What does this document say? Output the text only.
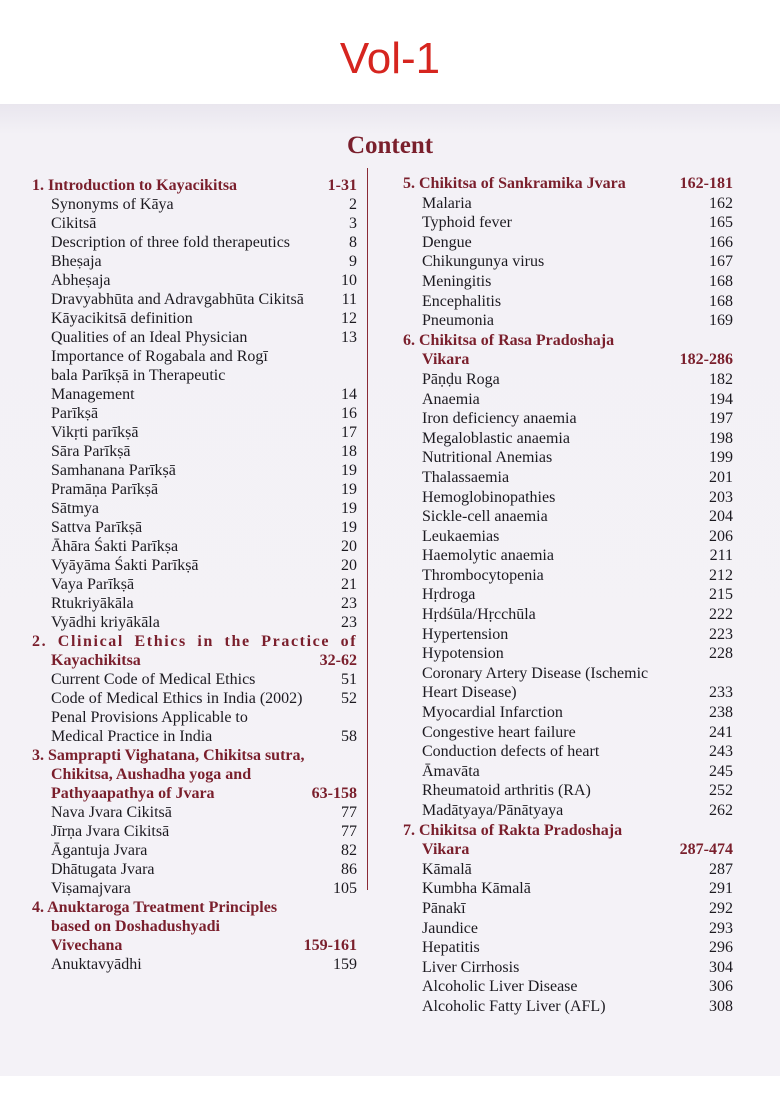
Vol-1
Content
1. Introduction to Kayacikitsa	1-31
Synonyms of Kāya	2
Cikitsā	3
Description of three fold therapeutics	8
Bheṣaja	9
Abheṣaja	10
Dravyabhūta and Adravgabhūta Cikitsā 11
Kāyacikitsā definition	12
Qualities of an Ideal Physician	13
Importance of Rogabala and Rogī
bala Parīkṣā in Therapeutic
Management	14
Parīkṣā	16
Vikṛti parīkṣā	17
Sāra Parīkṣā	18
Samhanana Parīkṣā	19
Pramāṇa Parīkṣā	19
Sātmya	19
Sattva Parīkṣā	19
Āhāra Śakti Parīkṣa	20
Vyāyāma Śakti Parīkṣā	20
Vaya Parīkṣā	21
Rtukriyākāla	23
Vyādhi kriyākāla	23
2. Clinical Ethics in the Practice of
Kayachikitsa	32-62
Current Code of Medical Ethics	51
Code of Medical Ethics in India (2002) 52
Penal Provisions Applicable to
Medical Practice in India	58
3. Samprapti Vighatana, Chikitsa sutra,
Chikitsa, Aushadha yoga and
Pathyaapathya of Jvara	63-158
Nava Jvara Cikitsā	77
Jīrṇa Jvara Cikitsā	77
Āgantuja Jvara	82
Dhātugata Jvara	86
Viṣamajvara	105
4. Anuktaroga Treatment Principles
based on Doshadushyadi
Vivechana	159-161
Anuktavyādhi	159
5. Chikitsa of Sankramika Jvara	162-181
Malaria	162
Typhoid fever	165
Dengue	166
Chikungunya virus	167
Meningitis	168
Encephalitis	168
Pneumonia	169
6. Chikitsa of Rasa Pradoshaja
Vikara	182-286
Pāṇḍu Roga	182
Anaemia	194
Iron deficiency anaemia	197
Megaloblastic anaemia	198
Nutritional Anemias	199
Thalassaemia	201
Hemoglobinopathies	203
Sickle-cell anaemia	204
Leukaemias	206
Haemolytic anaemia	211
Thrombocytopenia	212
Hṛdroga	215
Hṛdśūla/Hṛcchūla	222
Hypertension	223
Hypotension	228
Coronary Artery Disease (Ischemic
Heart Disease)	233
Myocardial Infarction	238
Congestive heart failure	241
Conduction defects of heart	243
Āmavāta	245
Rheumatoid arthritis (RA)	252
Madātyaya/Pānātyaya	262
7. Chikitsa of Rakta Pradoshaja
Vikara	287-474
Kāmalā	287
Kumbha Kāmalā	291
Pānakī	292
Jaundice	293
Hepatitis	296
Liver Cirrhosis	304
Alcoholic Liver Disease	306
Alcoholic Fatty Liver (AFL)	308
